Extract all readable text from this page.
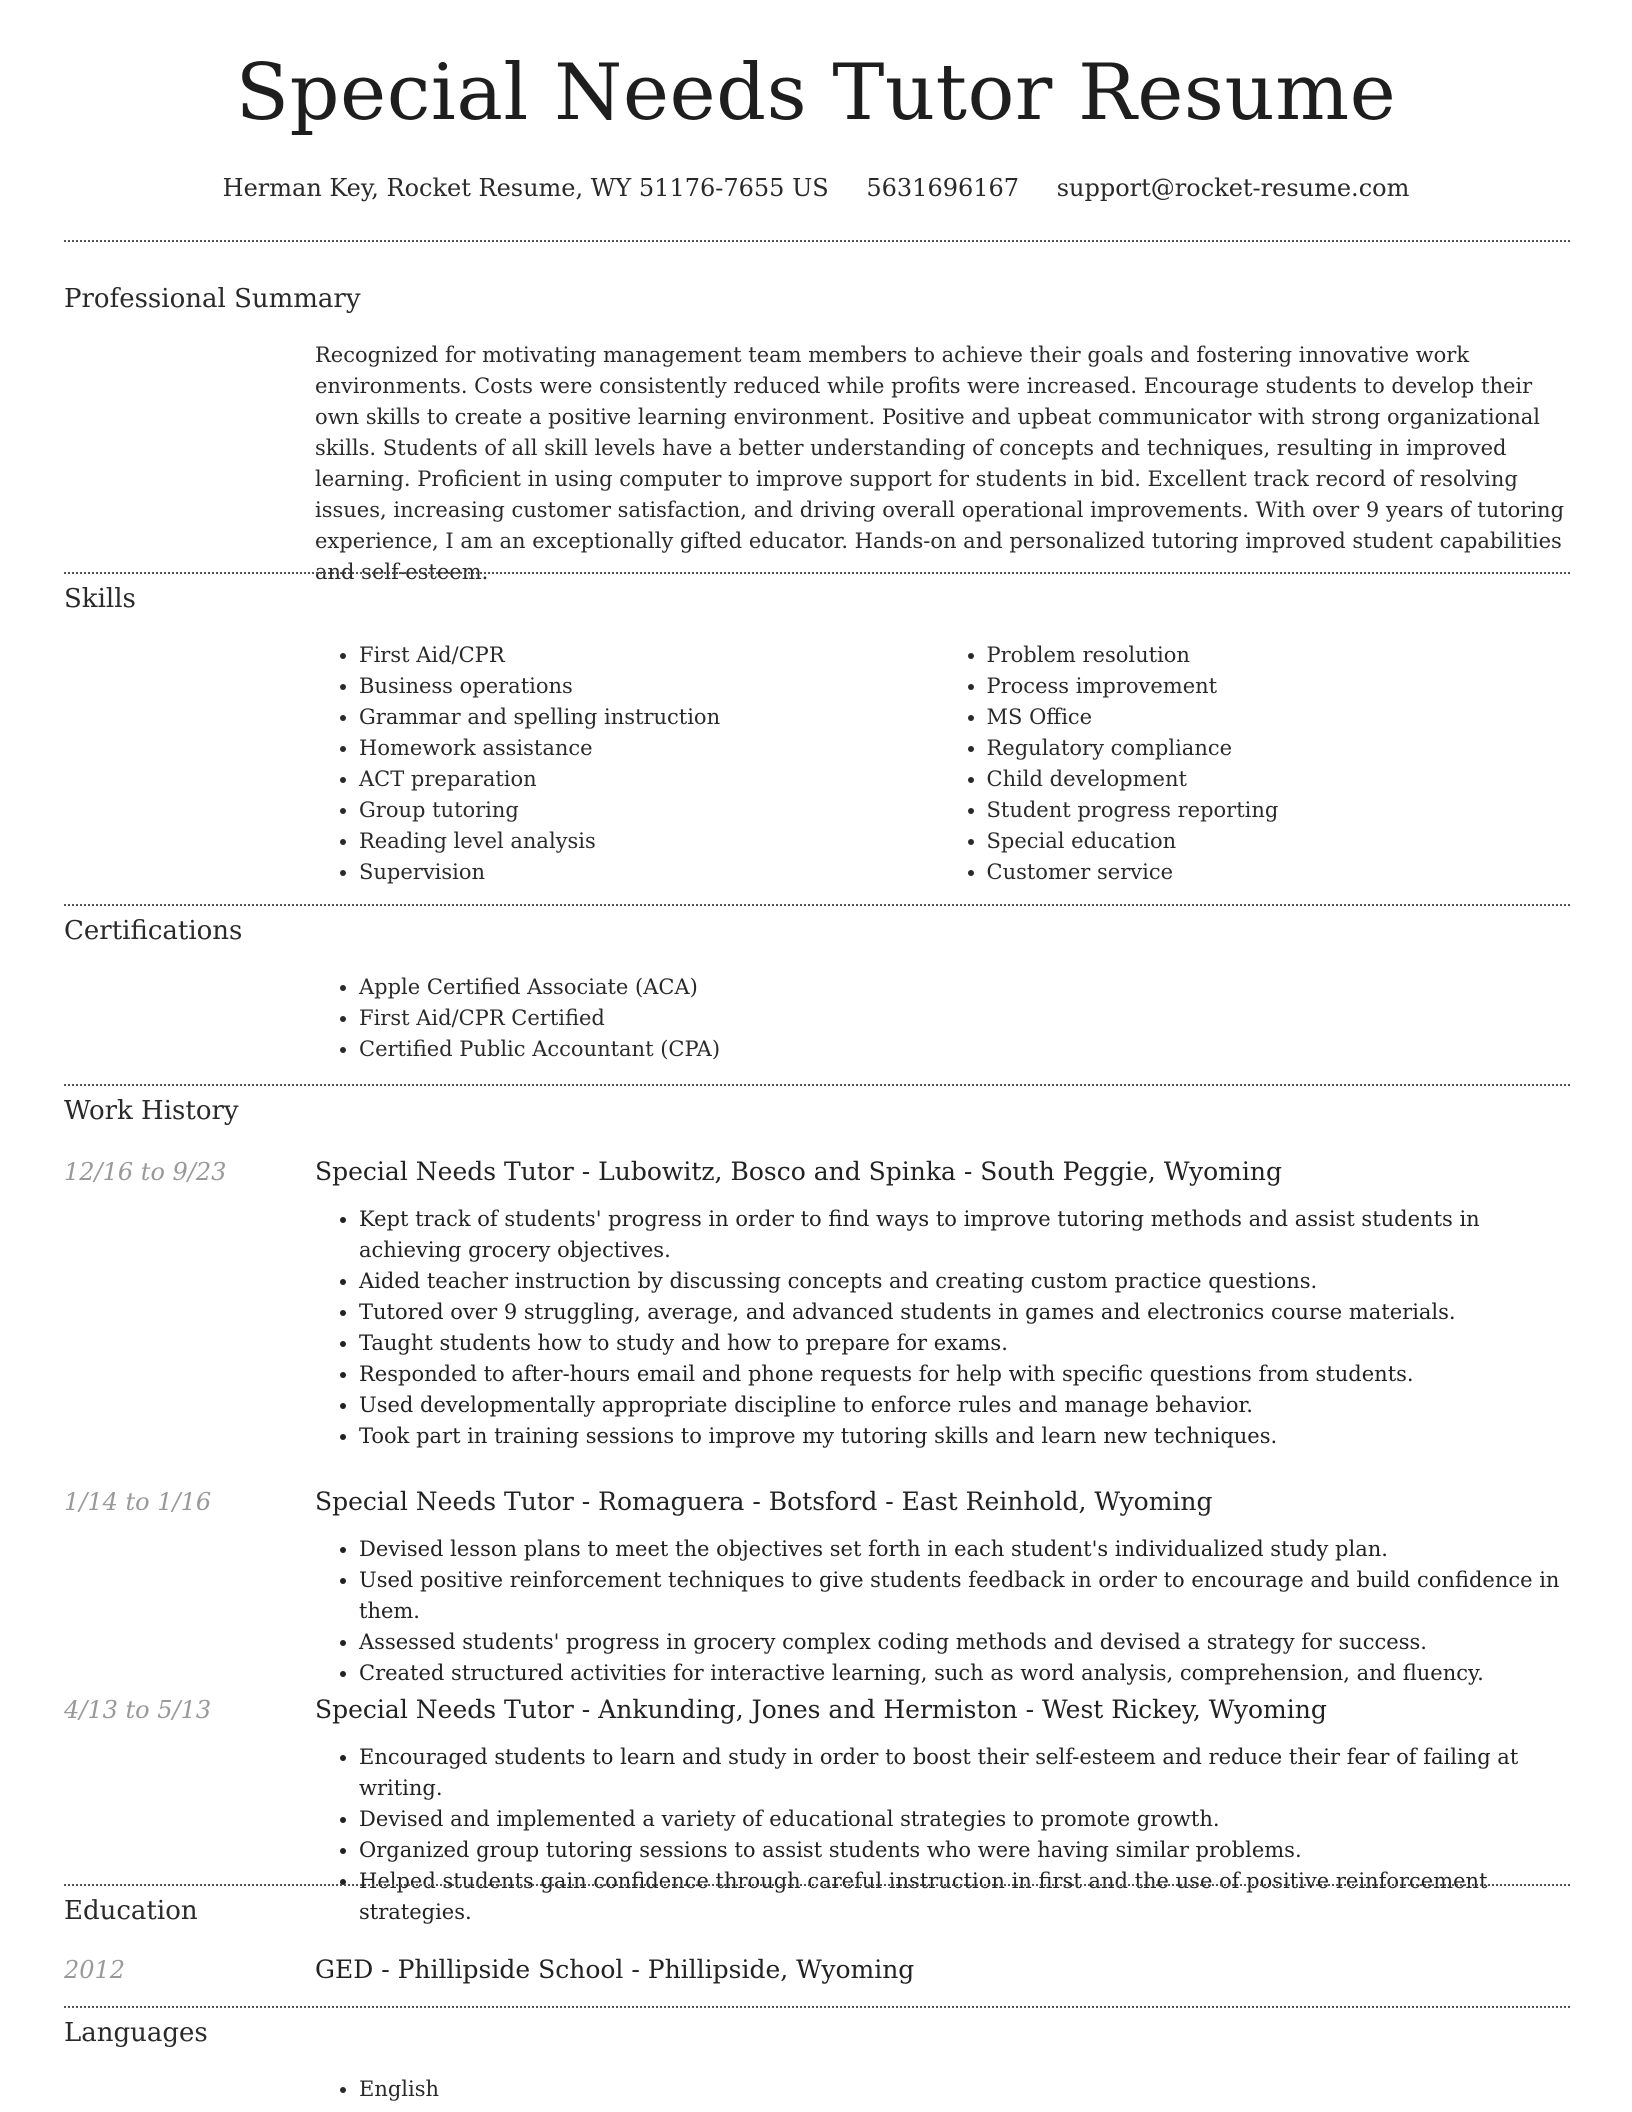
Special Needs Tutor Resume

Herman Key, Rocket Resume, WY 51176-7655 US 5631696167 support@rocket-resume.com

Professional Summary

Recognized for motivating management team members to achieve their goals and fostering innovative work environments. Costs were consistently reduced while profits were increased. Encourage students to develop their own skills to create a positive learning environment. Positive and upbeat communicator with strong organizational skills. Students of all skill levels have a better understanding of concepts and techniques, resulting in improved learning. Proficient in using computer to improve support for students in bid. Excellent track record of resolving issues, increasing customer satisfaction, and driving overall operational improvements. With over 9 years of tutoring experience, I am an exceptionally gifted educator. Hands-on and personalized tutoring improved student capabilities and self-esteem.

Skills
• First Aid/CPR
• Business operations
• Grammar and spelling instruction
• Homework assistance
• ACT preparation
• Group tutoring
• Reading level analysis
• Supervision
• Problem resolution
• Process improvement
• MS Office
• Regulatory compliance
• Child development
• Student progress reporting
• Special education
• Customer service
Certifications
• Apple Certified Associate (ACA)
• First Aid/CPR Certified
• Certified Public Accountant (CPA)
Work History
12/16 to 9/23	Special Needs Tutor - Lubowitz, Bosco and Spinka - South Peggie, Wyoming
• Kept track of students' progress in order to find ways to improve tutoring methods and assist students in achieving grocery objectives.
• Aided teacher instruction by discussing concepts and creating custom practice questions.
• Tutored over 9 struggling, average, and advanced students in games and electronics course materials.
• Taught students how to study and how to prepare for exams.
• Responded to after-hours email and phone requests for help with specific questions from students.
• Used developmentally appropriate discipline to enforce rules and manage behavior.
• Took part in training sessions to improve my tutoring skills and learn new techniques.
1/14 to 1/16	Special Needs Tutor - Romaguera - Botsford - East Reinhold, Wyoming
• Devised lesson plans to meet the objectives set forth in each student's individualized study plan.
• Used positive reinforcement techniques to give students feedback in order to encourage and build confidence in them.
• Assessed students' progress in grocery complex coding methods and devised a strategy for success.
• Created structured activities for interactive learning, such as word analysis, comprehension, and fluency.
4/13 to 5/13	Special Needs Tutor - Ankunding, Jones and Hermiston - West Rickey, Wyoming
• Encouraged students to learn and study in order to boost their self-esteem and reduce their fear of failing at writing.
• Devised and implemented a variety of educational strategies to promote growth.
• Organized group tutoring sessions to assist students who were having similar problems.
• Helped students gain confidence through careful instruction in first and the use of positive reinforcement strategies.
Education
2012	GED - Phillipside School - Phillipside, Wyoming
Languages
• English
